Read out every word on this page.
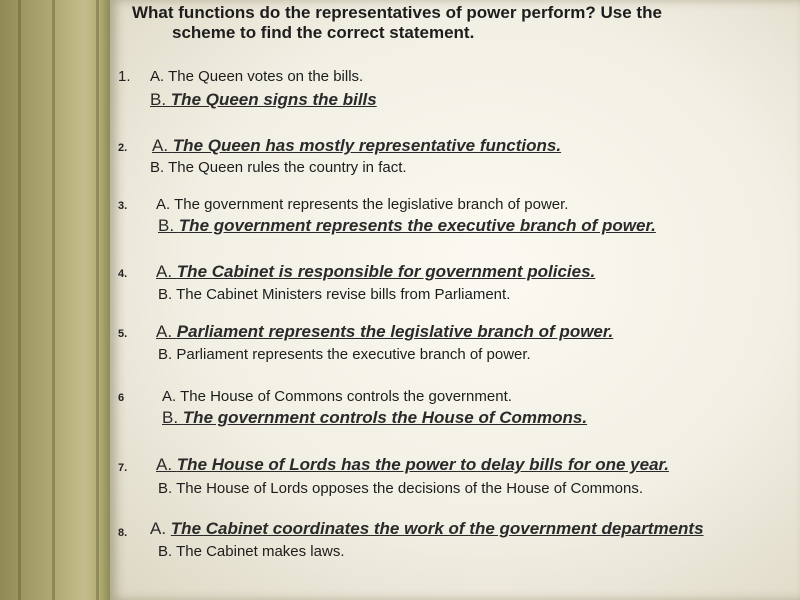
What functions do the representatives of power perform? Use the
scheme to find the correct statement.
1. A. The Queen votes on the bills.
B. The Queen signs the bills
2. A. The Queen has mostly representative functions.
B. The Queen rules the country in fact.
3. A. The government represents the legislative branch of power.
B. The government represents the executive branch of power.
4. A. The Cabinet is responsible for government policies.
B. The Cabinet Ministers revise bills from Parliament.
5. A. Parliament represents the legislative branch of power.
B. Parliament represents the executive branch of power.
6	A. The House of Commons controls the government.
B. The government controls the House of Commons.
7. A. The House of Lords has the power to delay bills for one year.
B. The House of Lords opposes the decisions of the House of Commons.
8. A. The Cabinet coordinates the work of the government departments
B. The Cabinet makes laws.
